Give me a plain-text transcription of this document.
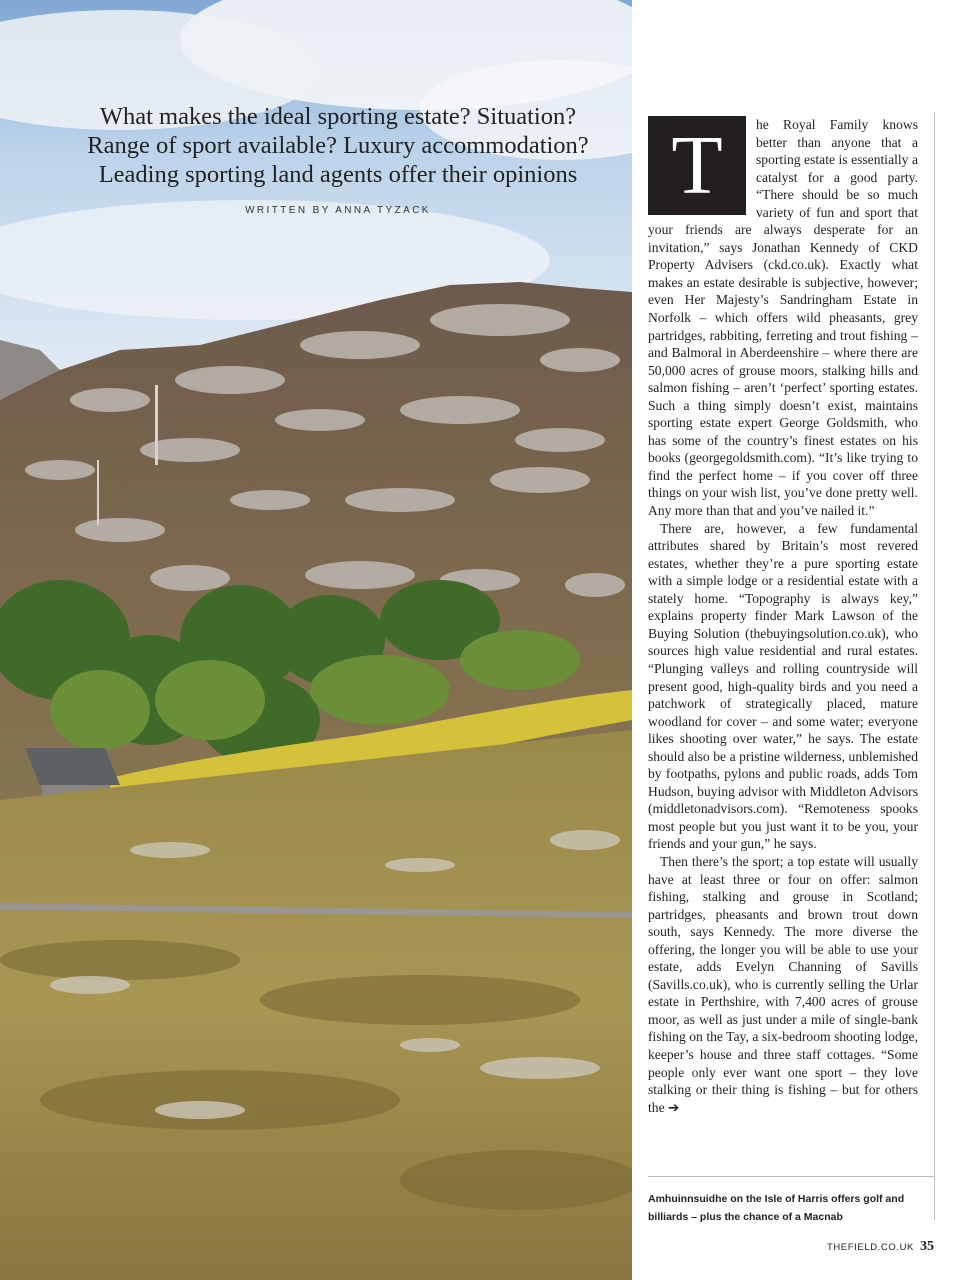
What makes the ideal sporting estate? Situation?
Range of sport available? Luxury accommodation?
Leading sporting land agents offer their opinions
WRITTEN BY ANNA TYZACK	T	he Royal Family knows better than anyone that a sporting estate is essentially a catalyst for a good party. “There should be so much variety of fun and sport that your friends are always desperate for an invitation,” says Jonathan Kennedy of CKD Property Advisers (ckd.co.uk). Exactly what makes an estate desirable is subjective, however; even Her Majesty’s Sandringham Estate in Norfolk – which offers wild pheasants, grey partridges, rabbiting, ferreting and trout fishing – and Balmoral in Aberdeenshire – where there are 50,000 acres of grouse moors, stalking hills and salmon fishing – aren’t ‘perfect’ sporting estates. Such a thing simply doesn’t exist, maintains sporting estate expert George Goldsmith, who has some of the country’s finest estates on his books (georgegoldsmith.com). “It’s like trying to find the perfect home – if you cover off three things on your wish list, you’ve done pretty well. Any more than that and you’ve nailed it.”

There are, however, a few fundamental attributes shared by Britain’s most revered estates, whether they’re a pure sporting estate with a simple lodge or a residential estate with a stately home. “Topography is always key,” explains property finder Mark Lawson of the Buying Solution (thebuyingsolution.co.uk), who sources high value residential and rural estates. “Plunging valleys and rolling countryside will present good, high-quality birds and you need a patchwork of strategically placed, mature woodland for cover – and some water; everyone likes shooting over water,” he says. The estate should also be a pristine wilderness, unblemished by footpaths, pylons and public roads, adds Tom Hudson, buying advisor with Middleton Advisors (middletonadvisors.com). “Remoteness spooks most people but you just want it to be you, your friends and your gun,” he says.

Then there’s the sport; a top estate will usually have at least three or four on offer: salmon fishing, stalking and grouse in Scotland; partridges, pheasants and brown trout down south, says Kennedy. The more diverse the offering, the longer you will be able to use your estate, adds Evelyn Channing of Savills (Savills.co.uk), who is currently selling the Urlar estate in Perthshire, with 7,400 acres of grouse moor, as well as just under a mile of single-bank fishing on the Tay, a six-bedroom shooting lodge, keeper’s house and three staff cottages. “Some people only ever want one sport – they love stalking or their thing is fishing – but for others the ➔

Amhuinnsuidhe on the Isle of Harris offers golf and billiards – plus the chance of a Macnab
THEFIELD.CO.UK 35
